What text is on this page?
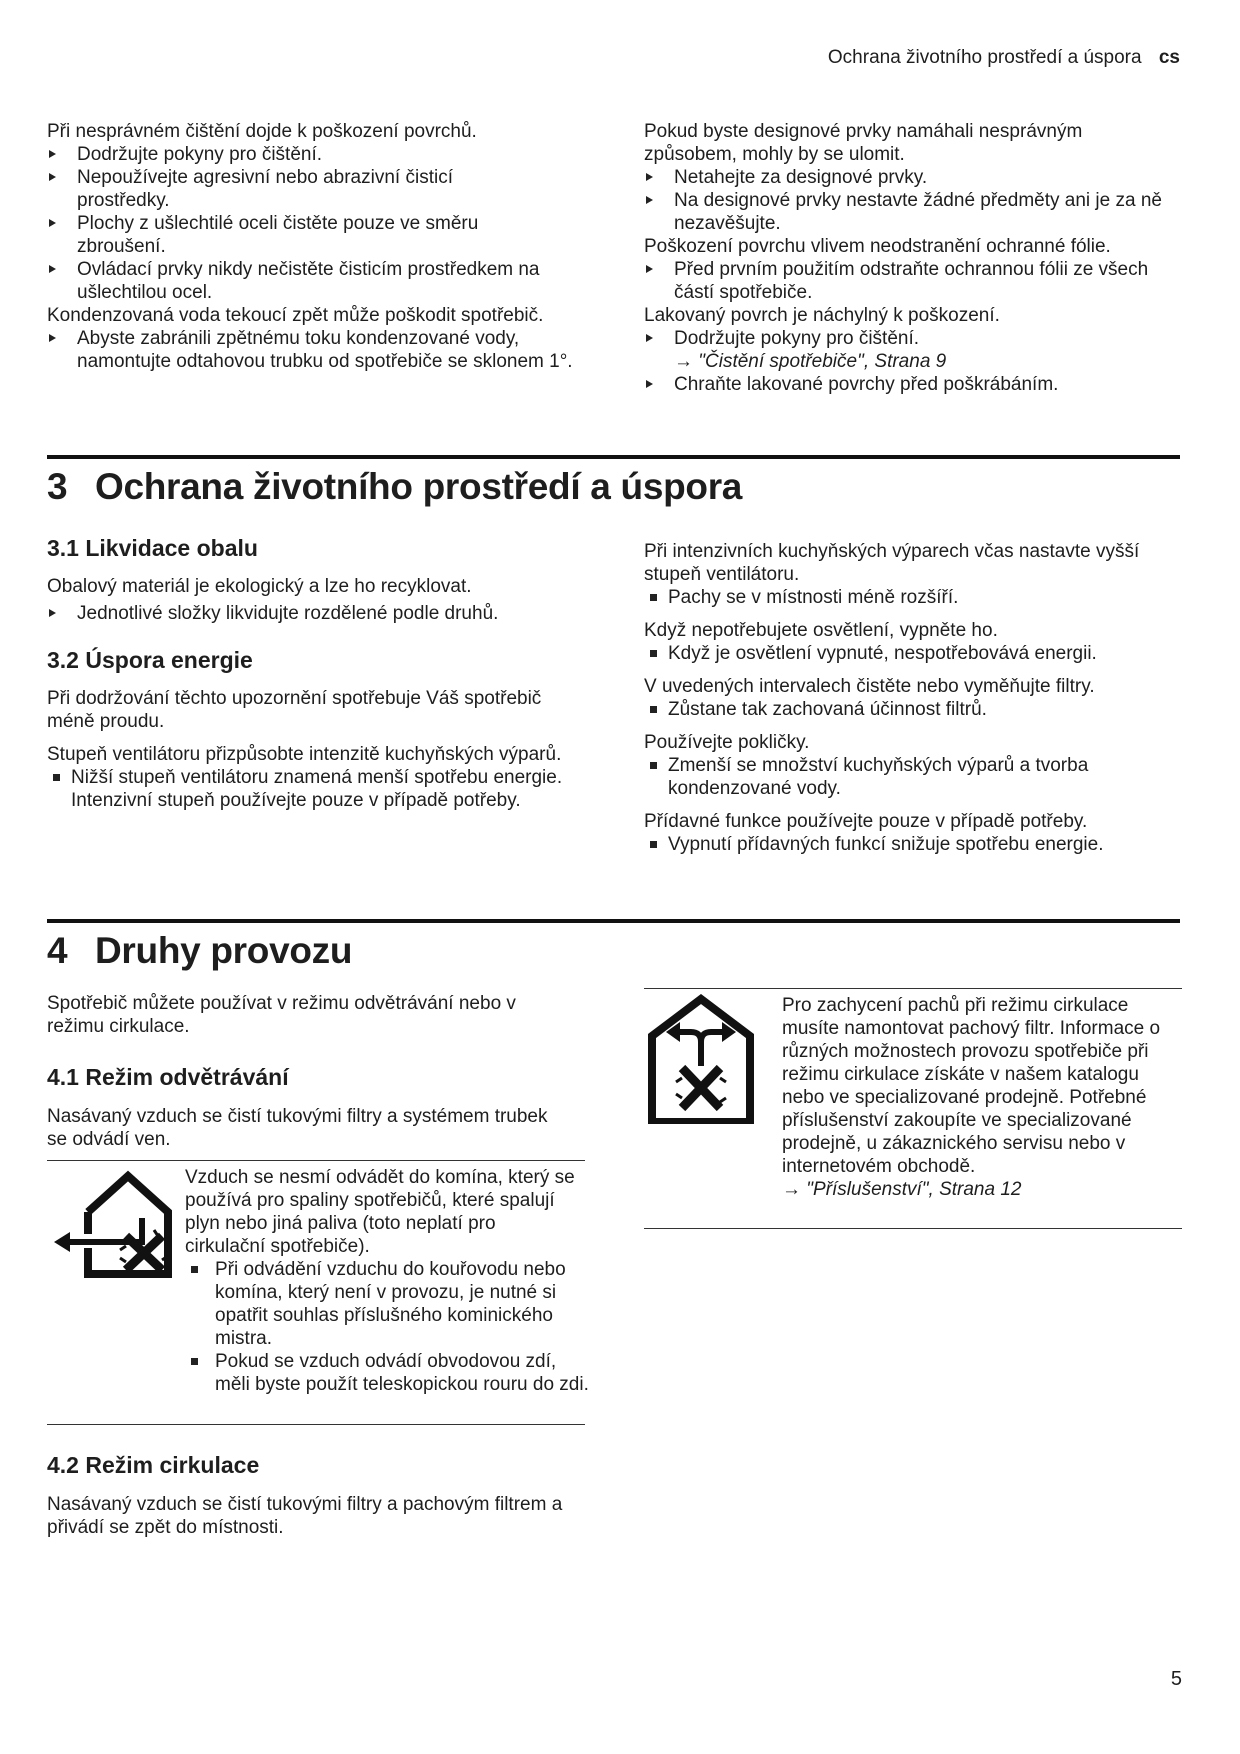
Ochrana životního prostředí a úspora cs
Při nesprávném čištění dojde k poškození povrchů.
Dodržujte pokyny pro čištění.
Nepoužívejte agresivní nebo abrazivní čisticí prostředky.
Plochy z ušlechtilé oceli čistěte pouze ve směru zbroušení.
Ovládací prvky nikdy nečistěte čisticím prostředkem na ušlechtilou ocel.
Kondenzovaná voda tekoucí zpět může poškodit spotřebič.
Abyste zabránili zpětnému toku kondenzované vody, namontujte odtahovou trubku od spotřebiče se sklonem 1°.
Pokud byste designové prvky namáhali nesprávným způsobem, mohly by se ulomit.
Netahejte za designové prvky.
Na designové prvky nestavte žádné předměty ani je za ně nezavěšujte.
Poškození povrchu vlivem neodstranění ochranné fólie.
Před prvním použitím odstraňte ochrannou fólii ze všech částí spotřebiče.
Lakovaný povrch je náchylný k poškození.
Dodržujte pokyny pro čištění.
→ "Čistění spotřebiče", Strana 9
Chraňte lakované povrchy před poškrábáním.
3 Ochrana životního prostředí a úspora
3.1 Likvidace obalu
Obalový materiál je ekologický a lze ho recyklovat.
Jednotlivé složky likvidujte rozdělené podle druhů.
3.2 Úspora energie
Při dodržování těchto upozornění spotřebuje Váš spotřebič méně proudu.
Stupeň ventilátoru přizpůsobte intenzitě kuchyňských výparů.
Nižší stupeň ventilátoru znamená menší spotřebu energie.
Intenzivní stupeň používejte pouze v případě potřeby.
Při intenzivních kuchyňských výparech včas nastavte vyšší stupeň ventilátoru.
Pachy se v místnosti méně rozšíří.
Když nepotřebujete osvětlení, vypněte ho.
Když je osvětlení vypnuté, nespotřebovává energii.
V uvedených intervalech čistěte nebo vyměňujte filtry.
Zůstane tak zachovaná účinnost filtrů.
Používejte pokličky.
Zmenší se množství kuchyňských výparů a tvorba kondenzované vody.
Přídavné funkce používejte pouze v případě potřeby.
Vypnutí přídavných funkcí snižuje spotřebu energie.
4 Druhy provozu
Spotřebič můžete používat v režimu odvětrávání nebo v režimu cirkulace.
4.1 Režim odvětrávání
Nasávaný vzduch se čistí tukovými filtry a systémem trubek se odvádí ven.
Vzduch se nesmí odvádět do komína, který se používá pro spaliny spotřebičů, které spalují plyn nebo jiná paliva (toto neplatí pro cirkulační spotřebiče).
Při odvádění vzduchu do kouřovodu nebo komína, který není v provozu, je nutné si opatřit souhlas příslušného kominického mistra.
Pokud se vzduch odvádí obvodovou zdí, měli byste použít teleskopickou rouru do zdi.
4.2 Režim cirkulace
Nasávaný vzduch se čistí tukovými filtry a pachovým filtrem a přivádí se zpět do místnosti.
Pro zachycení pachů při režimu cirkulace musíte namontovat pachový filtr. Informace o různých možnostech provozu spotřebiče při režimu cirkulace získáte v našem katalogu nebo ve specializované prodejně. Potřebné příslušenství zakoupíte ve specializované prodejně, u zákaznického servisu nebo v internetovém obchodě.
→ "Příslušenství", Strana 12
5
